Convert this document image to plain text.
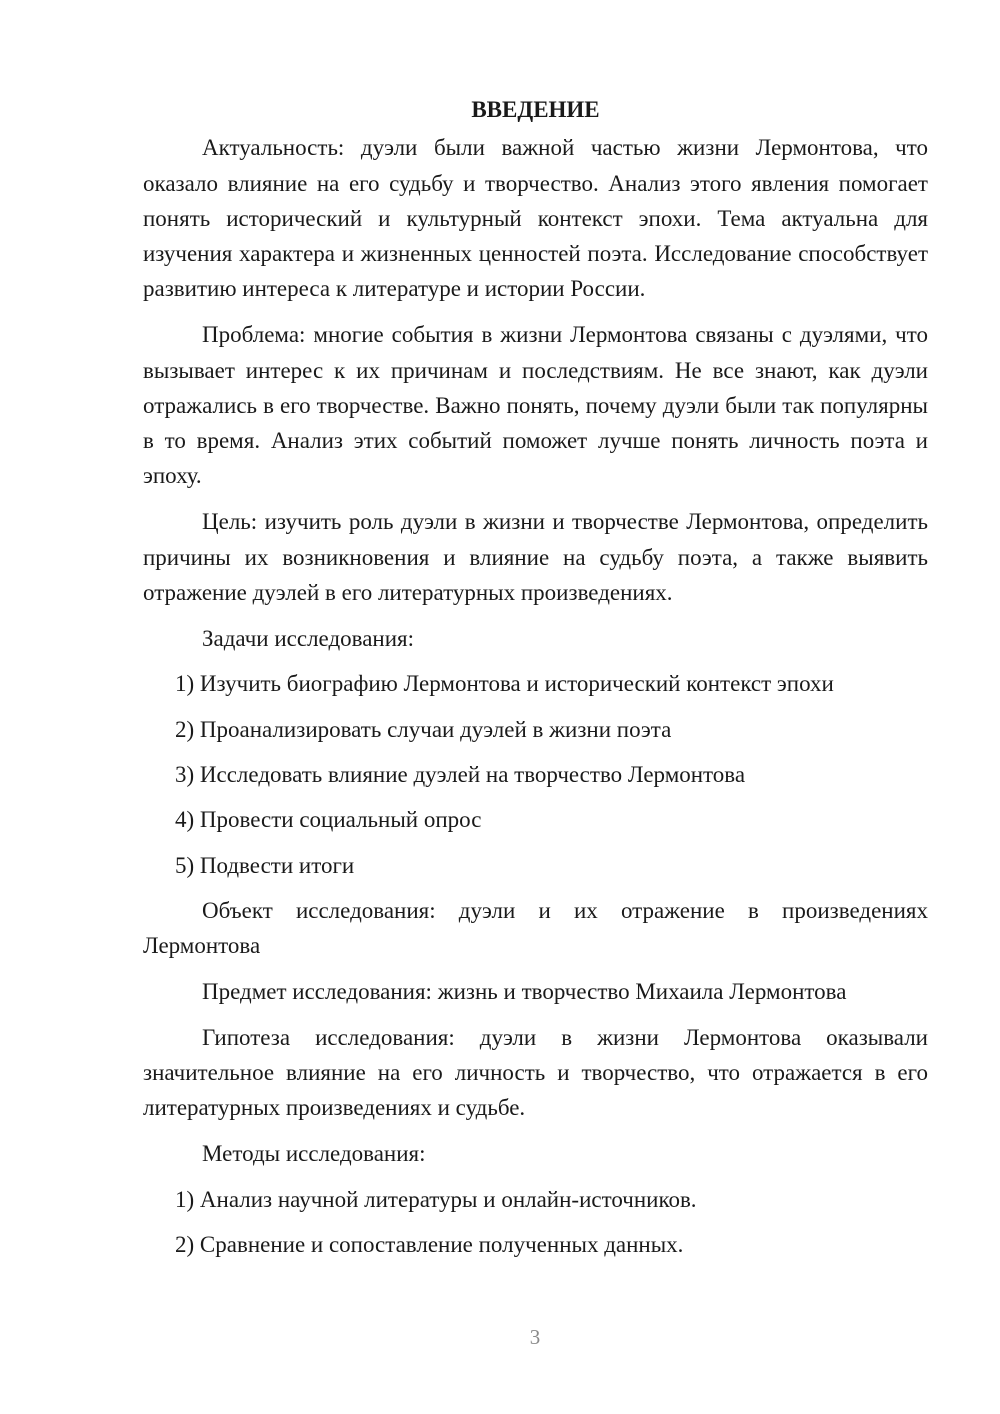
ВВЕДЕНИЕ

Актуальность: дуэли были важной частью жизни Лермонтова, что оказало влияние на его судьбу и творчество. Анализ этого явления помогает понять исторический и культурный контекст эпохи. Тема актуальна для изучения характера и жизненных ценностей поэта. Исследование способствует развитию интереса к литературе и истории России.

Проблема: многие события в жизни Лермонтова связаны с дуэлями, что вызывает интерес к их причинам и последствиям. Не все знают, как дуэли отражались в его творчестве. Важно понять, почему дуэли были так популярны в то время. Анализ этих событий поможет лучше понять личность поэта и эпоху.

Цель: изучить роль дуэли в жизни и творчестве Лермонтова, определить причины их возникновения и влияние на судьбу поэта, а также выявить отражение дуэлей в его литературных произведениях.

Задачи исследования:

1) Изучить биографию Лермонтова и исторический контекст эпохи
2) Проанализировать случаи дуэлей в жизни поэта
3) Исследовать влияние дуэлей на творчество Лермонтова
4) Провести социальный опрос
5) Подвести итоги

Объект исследования: дуэли и их отражение в произведениях Лермонтова

Предмет исследования: жизнь и творчество Михаила Лермонтова

Гипотеза исследования: дуэли в жизни Лермонтова оказывали значительное влияние на его личность и творчество, что отражается в его литературных произведениях и судьбе.

Методы исследования:

1) Анализ научной литературы и онлайн-источников.
2) Сравнение и сопоставление полученных данных.
3
